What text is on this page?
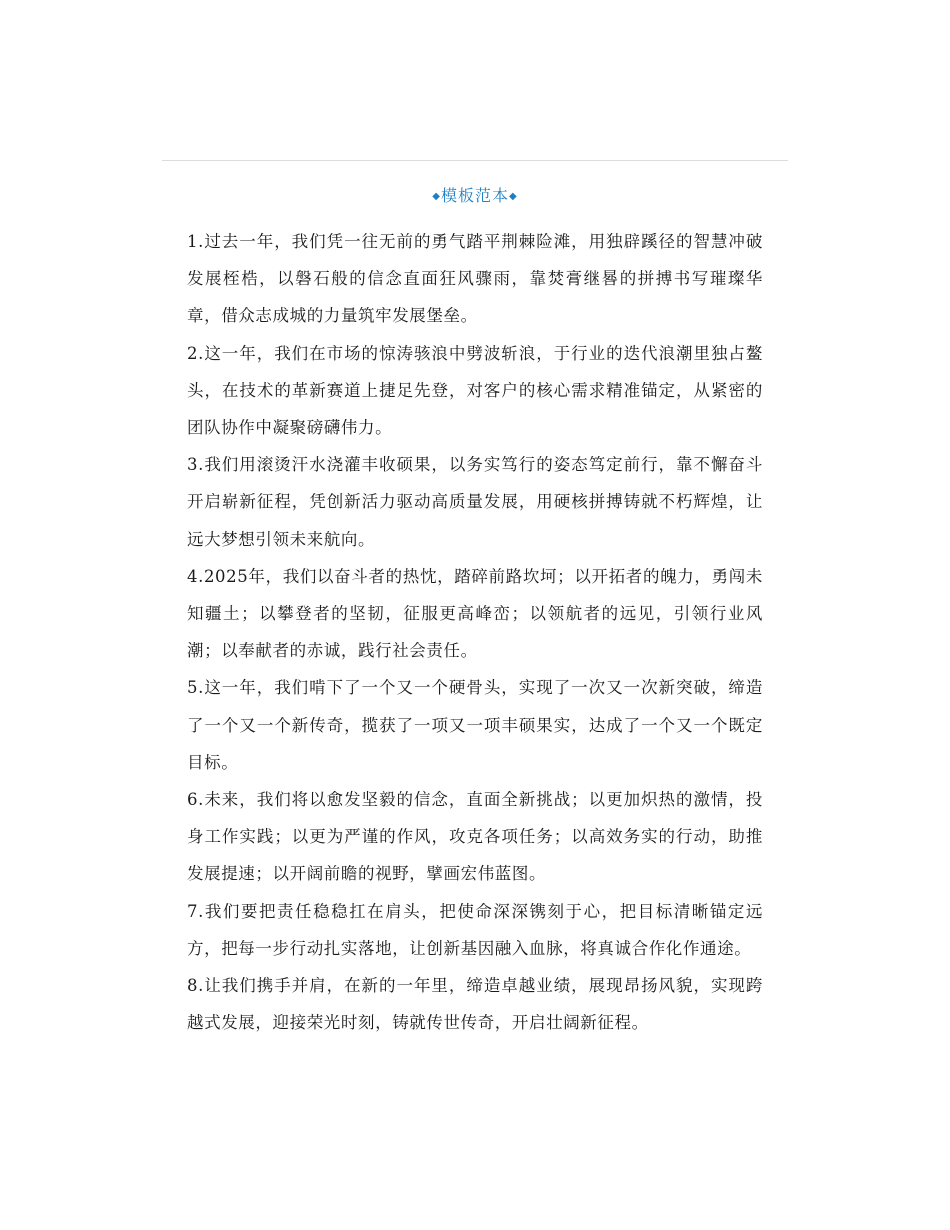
◆模板范本◆

1.过去一年，我们凭一往无前的勇气踏平荆棘险滩，用独辟蹊径的智慧冲破发展桎梏，以磐石般的信念直面狂风骤雨，靠焚膏继晷的拼搏书写璀璨华章，借众志成城的力量筑牢发展堡垒。

2.这一年，我们在市场的惊涛骇浪中劈波斩浪，于行业的迭代浪潮里独占鳌头，在技术的革新赛道上捷足先登，对客户的核心需求精准锚定，从紧密的团队协作中凝聚磅礴伟力。

3.我们用滚烫汗水浇灌丰收硕果，以务实笃行的姿态笃定前行，靠不懈奋斗开启崭新征程，凭创新活力驱动高质量发展，用硬核拼搏铸就不朽辉煌，让远大梦想引领未来航向。

4.2025年，我们以奋斗者的热忱，踏碎前路坎坷；以开拓者的魄力，勇闯未知疆土；以攀登者的坚韧，征服更高峰峦；以领航者的远见，引领行业风潮；以奉献者的赤诚，践行社会责任。

5.这一年，我们啃下了一个又一个硬骨头，实现了一次又一次新突破，缔造了一个又一个新传奇，揽获了一项又一项丰硕果实，达成了一个又一个既定目标。

6.未来，我们将以愈发坚毅的信念，直面全新挑战；以更加炽热的激情，投身工作实践；以更为严谨的作风，攻克各项任务；以高效务实的行动，助推发展提速；以开阔前瞻的视野，擘画宏伟蓝图。

7.我们要把责任稳稳扛在肩头，把使命深深镌刻于心，把目标清晰锚定远方，把每一步行动扎实落地，让创新基因融入血脉，将真诚合作化作通途。

8.让我们携手并肩，在新的一年里，缔造卓越业绩，展现昂扬风貌，实现跨越式发展，迎接荣光时刻，铸就传世传奇，开启壮阔新征程。
